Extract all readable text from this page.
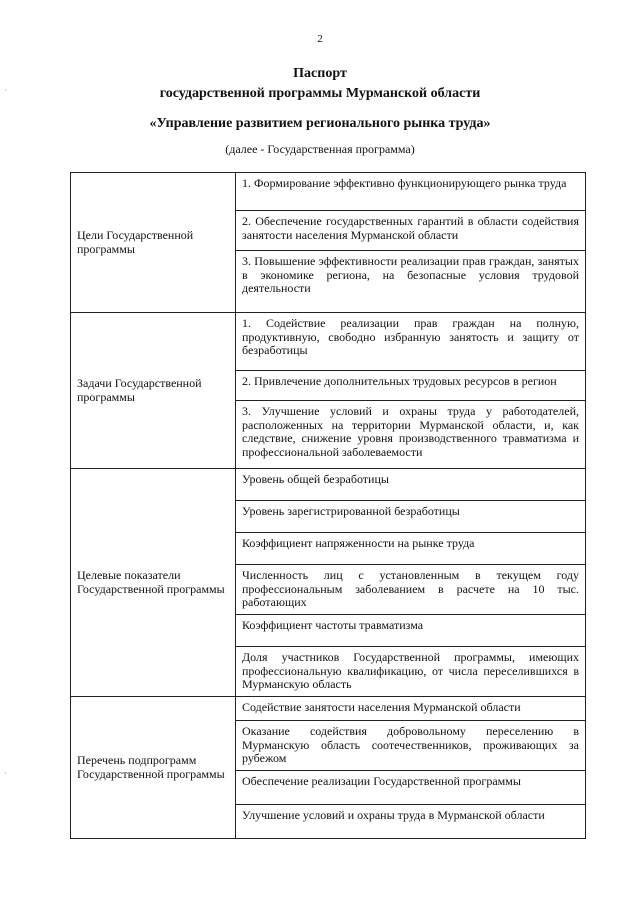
2
Паспорт
государственной программы Мурманской области
«Управление развитием регионального рынка труда»
(далее - Государственная программа)
·
·
Цели Государственной программы	1. Формирование эффективно функционирующего рынка труда
	2. Обеспечение государственных гарантий в области содействия занятости населения Мурманской области
	3. Повышение эффективности реализации прав граждан, занятых в экономике региона, на безопасные условия трудовой деятельности
Задачи Государственной программы	1. Содействие реализации прав граждан на полную, продуктивную, свободно избранную занятость и защиту от безработицы
	2. Привлечение дополнительных трудовых ресурсов в регион
	3. Улучшение условий и охраны труда у работодателей, расположенных на территории Мурманской области, и, как следствие, снижение уровня производственного травматизма и профессиональной заболеваемости
Целевые показатели Государственной программы	Уровень общей безработицы
	Уровень зарегистрированной безработицы
	Коэффициент напряженности на рынке труда
	Численность лиц с установленным в текущем году профессиональным заболеванием в расчете на 10 тыс. работающих
	Коэффициент частоты травматизма
	Доля участников Государственной программы, имеющих профессиональную квалификацию, от числа переселившихся в Мурманскую область
Перечень подпрограмм Государственной программы	Содействие занятости населения Мурманской области
	Оказание содействия добровольному переселению в Мурманскую область соотечественников, проживающих за рубежом
	Обеспечение реализации Государственной программы
	Улучшение условий и охраны труда в Мурманской области
